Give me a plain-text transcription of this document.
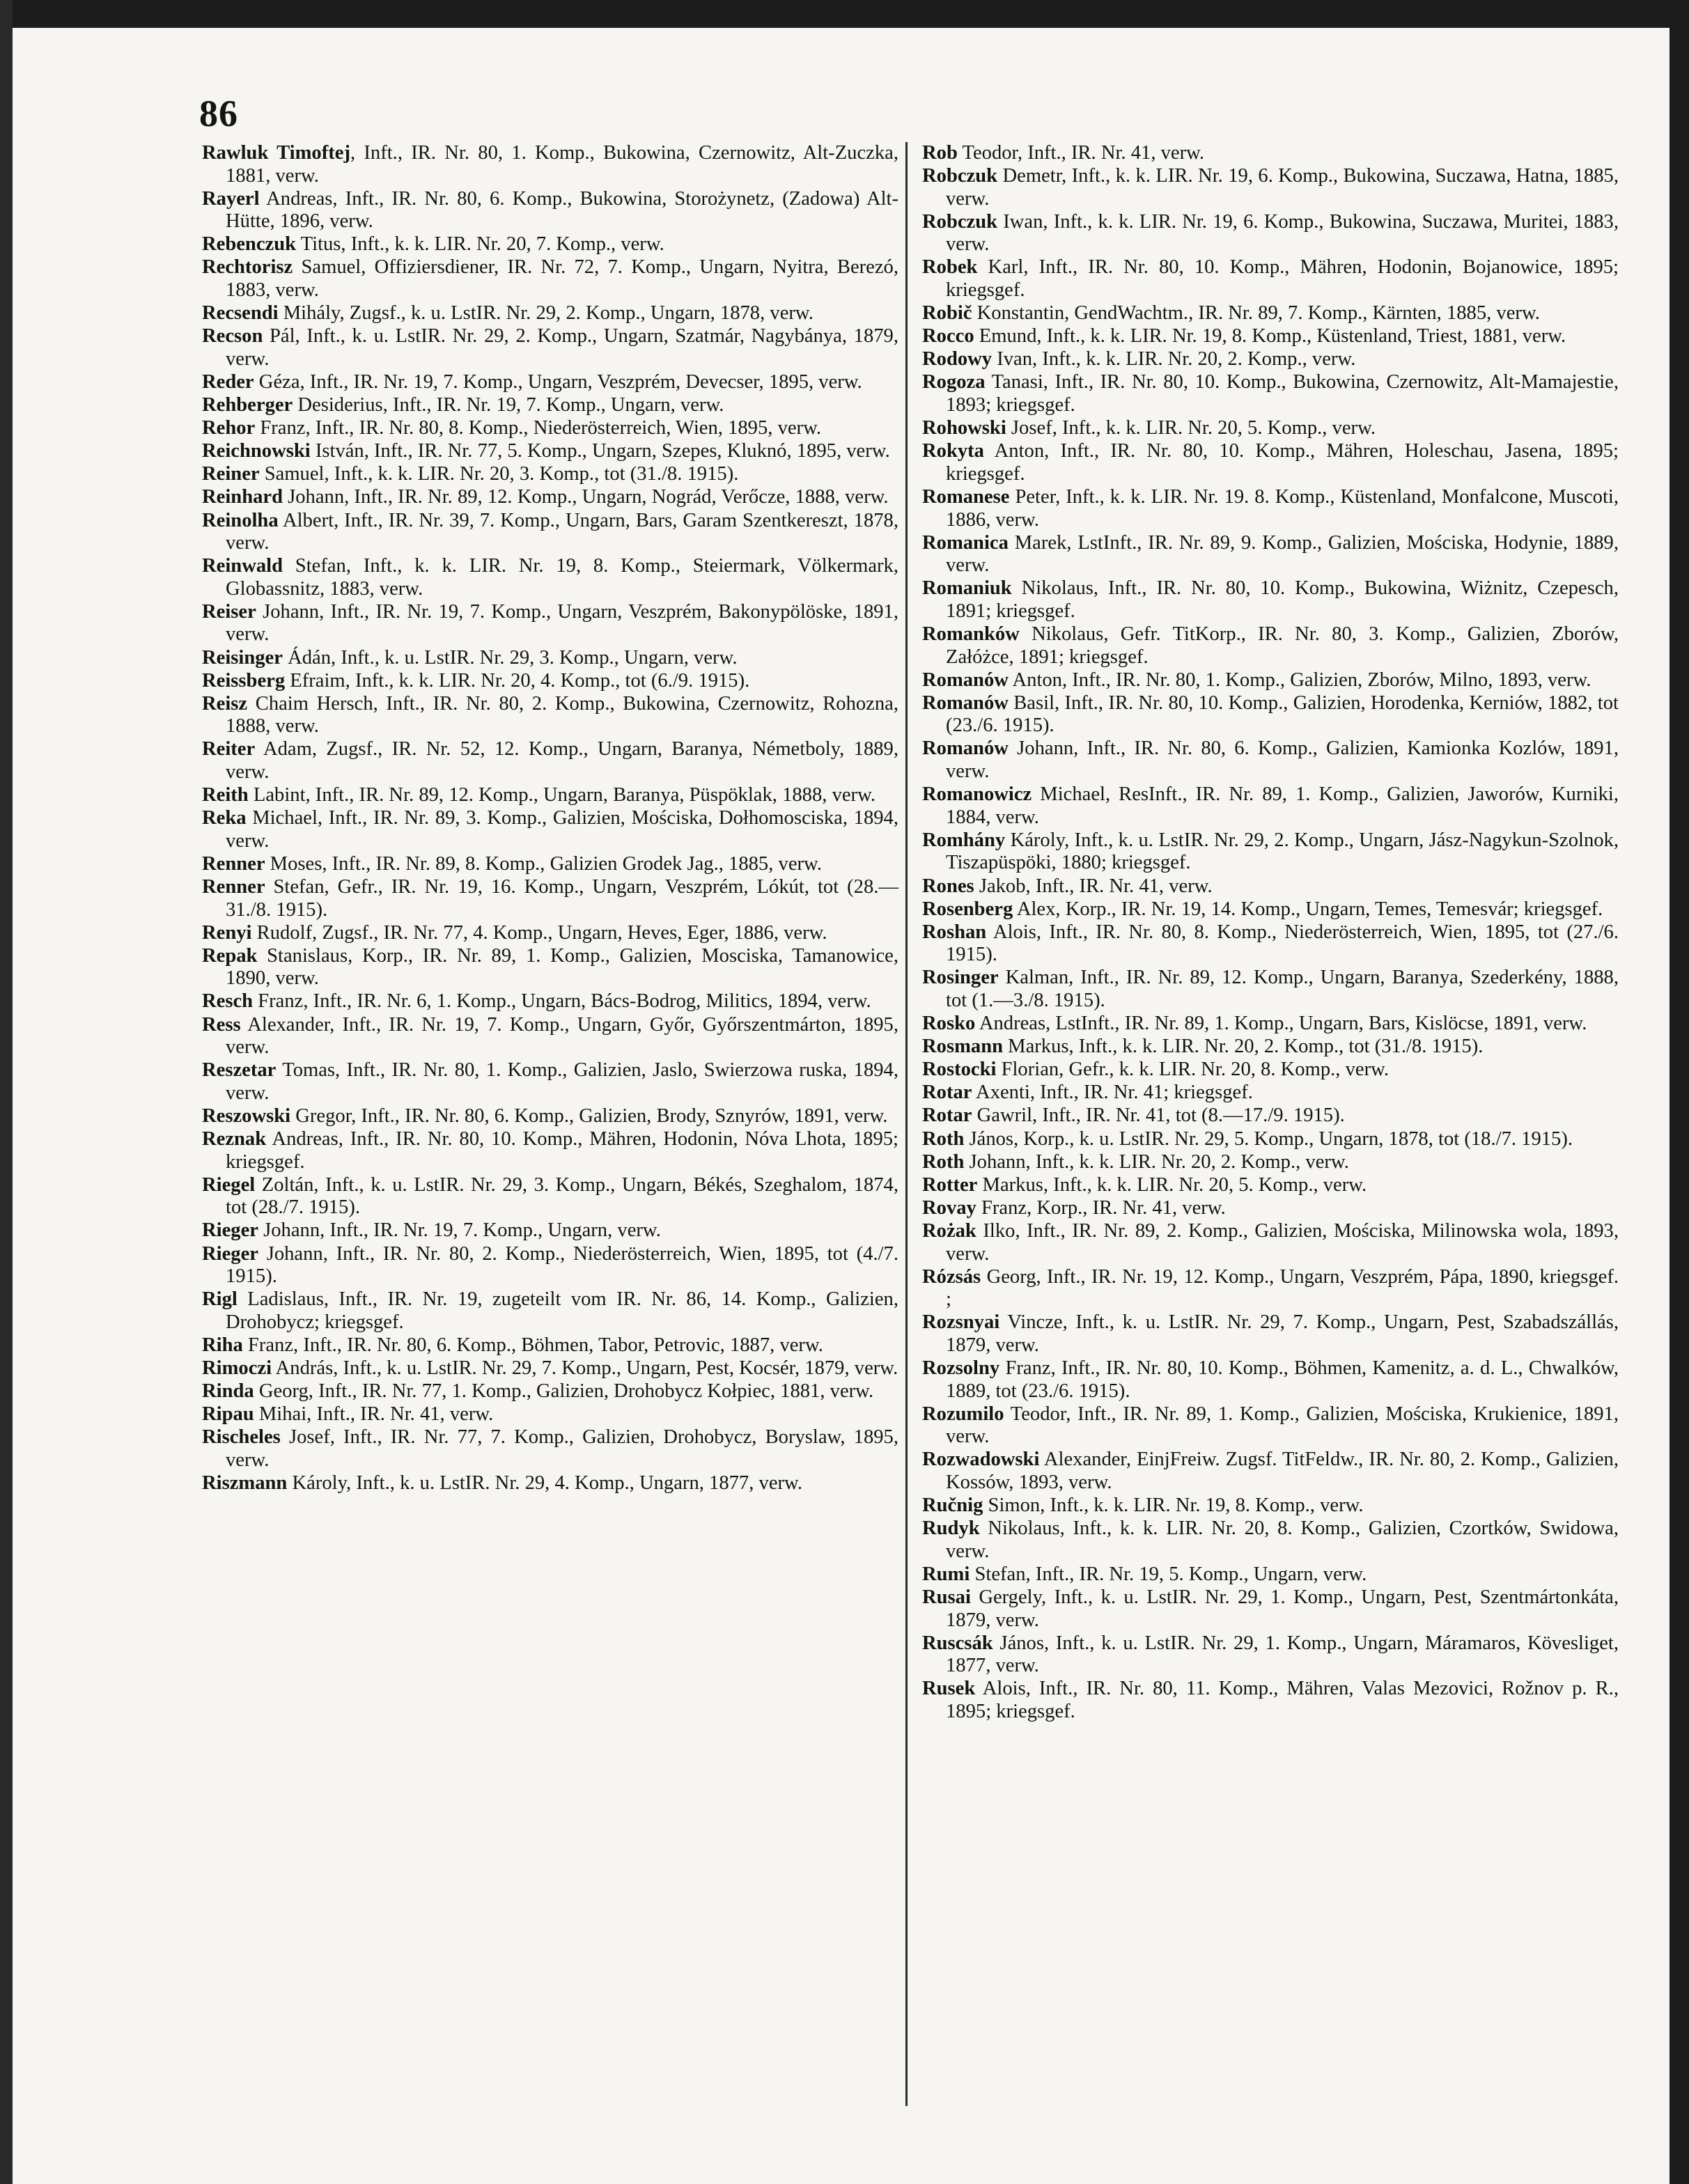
86

Rawluk Timoftej, Inft., IR. Nr. 80, 1. Komp., Bukowina, Czernowitz, Alt-Zuczka, 1881, verw.

Rayerl Andreas, Inft., IR. Nr. 80, 6. Komp., Bukowina, Storożynetz, (Zadowa) Alt-Hütte, 1896, verw.

Rebenczuk Titus, Inft., k. k. LIR. Nr. 20, 7. Komp., verw.

Rechtorisz Samuel, Offiziersdiener, IR. Nr. 72, 7. Komp., Ungarn, Nyitra, Berezó, 1883, verw.

Recsendi Mihály, Zugsf., k. u. LstIR. Nr. 29, 2. Komp., Ungarn, 1878, verw.

Recson Pál, Inft., k. u. LstIR. Nr. 29, 2. Komp., Ungarn, Szatmár, Nagybánya, 1879, verw.

Reder Géza, Inft., IR. Nr. 19, 7. Komp., Ungarn, Veszprém, Devecser, 1895, verw.

Rehberger Desiderius, Inft., IR. Nr. 19, 7. Komp., Ungarn, verw.

Rehor Franz, Inft., IR. Nr. 80, 8. Komp., Niederösterreich, Wien, 1895, verw.

Reichnowski István, Inft., IR. Nr. 77, 5. Komp., Ungarn, Szepes, Kluknó, 1895, verw.

Reiner Samuel, Inft., k. k. LIR. Nr. 20, 3. Komp., tot (31./8. 1915).

Reinhard Johann, Inft., IR. Nr. 89, 12. Komp., Ungarn, Nográd, Verőcze, 1888, verw.

Reinolha Albert, Inft., IR. Nr. 39, 7. Komp., Ungarn, Bars, Garam Szentkereszt, 1878, verw.

Reinwald Stefan, Inft., k. k. LIR. Nr. 19, 8. Komp., Steiermark, Völkermark, Globassnitz, 1883, verw.

Reiser Johann, Inft., IR. Nr. 19, 7. Komp., Ungarn, Veszprém, Bakonypölöske, 1891, verw.

Reisinger Ádán, Inft., k. u. LstIR. Nr. 29, 3. Komp., Ungarn, verw.

Reissberg Efraim, Inft., k. k. LIR. Nr. 20, 4. Komp., tot (6./9. 1915).

Reisz Chaim Hersch, Inft., IR. Nr. 80, 2. Komp., Bukowina, Czernowitz, Rohozna, 1888, verw.

Reiter Adam, Zugsf., IR. Nr. 52, 12. Komp., Ungarn, Baranya, Németboly, 1889, verw.

Reith Labint, Inft., IR. Nr. 89, 12. Komp., Ungarn, Baranya, Püspöklak, 1888, verw.

Reka Michael, Inft., IR. Nr. 89, 3. Komp., Galizien, Mościska, Dołhomosciska, 1894, verw.

Renner Moses, Inft., IR. Nr. 89, 8. Komp., Galizien Grodek Jag., 1885, verw.

Renner Stefan, Gefr., IR. Nr. 19, 16. Komp., Ungarn, Veszprém, Lókút, tot (28.—31./8. 1915).

Renyi Rudolf, Zugsf., IR. Nr. 77, 4. Komp., Ungarn, Heves, Eger, 1886, verw.

Repak Stanislaus, Korp., IR. Nr. 89, 1. Komp., Galizien, Mosciska, Tamanowice, 1890, verw.

Resch Franz, Inft., IR. Nr. 6, 1. Komp., Ungarn, Bács-Bodrog, Militics, 1894, verw.

Ress Alexander, Inft., IR. Nr. 19, 7. Komp., Ungarn, Győr, Győrszentmárton, 1895, verw.

Reszetar Tomas, Inft., IR. Nr. 80, 1. Komp., Galizien, Jaslo, Swierzowa ruska, 1894, verw.

Reszowski Gregor, Inft., IR. Nr. 80, 6. Komp., Galizien, Brody, Sznyrów, 1891, verw.

Reznak Andreas, Inft., IR. Nr. 80, 10. Komp., Mähren, Hodonin, Nóva Lhota, 1895; kriegsgef.

Riegel Zoltán, Inft., k. u. LstIR. Nr. 29, 3. Komp., Ungarn, Békés, Szeghalom, 1874, tot (28./7. 1915).

Rieger Johann, Inft., IR. Nr. 19, 7. Komp., Ungarn, verw.

Rieger Johann, Inft., IR. Nr. 80, 2. Komp., Niederösterreich, Wien, 1895, tot (4./7. 1915).

Rigl Ladislaus, Inft., IR. Nr. 19, zugeteilt vom IR. Nr. 86, 14. Komp., Galizien, Drohobycz; kriegsgef.

Riha Franz, Inft., IR. Nr. 80, 6. Komp., Böhmen, Tabor, Petrovic, 1887, verw.

Rimoczi András, Inft., k. u. LstIR. Nr. 29, 7. Komp., Ungarn, Pest, Kocsér, 1879, verw.

Rinda Georg, Inft., IR. Nr. 77, 1. Komp., Galizien, Drohobycz Kołpiec, 1881, verw.

Ripau Mihai, Inft., IR. Nr. 41, verw.

Rischeles Josef, Inft., IR. Nr. 77, 7. Komp., Galizien, Drohobycz, Boryslaw, 1895, verw.

Riszmann Károly, Inft., k. u. LstIR. Nr. 29, 4. Komp., Ungarn, 1877, verw.

Rob Teodor, Inft., IR. Nr. 41, verw.

Robczuk Demetr, Inft., k. k. LIR. Nr. 19, 6. Komp., Bukowina, Suczawa, Hatna, 1885, verw.

Robczuk Iwan, Inft., k. k. LIR. Nr. 19, 6. Komp., Bukowina, Suczawa, Muritei, 1883, verw.

Robek Karl, Inft., IR. Nr. 80, 10. Komp., Mähren, Hodonin, Bojanowice, 1895; kriegsgef.

Robič Konstantin, GendWachtm., IR. Nr. 89, 7. Komp., Kärnten, 1885, verw.

Rocco Emund, Inft., k. k. LIR. Nr. 19, 8. Komp., Küstenland, Triest, 1881, verw.

Rodowy Ivan, Inft., k. k. LIR. Nr. 20, 2. Komp., verw.

Rogoza Tanasi, Inft., IR. Nr. 80, 10. Komp., Bukowina, Czernowitz, Alt-Mamajestie, 1893; kriegsgef.

Rohowski Josef, Inft., k. k. LIR. Nr. 20, 5. Komp., verw.

Rokyta Anton, Inft., IR. Nr. 80, 10. Komp., Mähren, Holeschau, Jasena, 1895; kriegsgef.

Romanese Peter, Inft., k. k. LIR. Nr. 19. 8. Komp., Küstenland, Monfalcone, Muscoti, 1886, verw.

Romanica Marek, LstInft., IR. Nr. 89, 9. Komp., Galizien, Mościska, Hodynie, 1889, verw.

Romaniuk Nikolaus, Inft., IR. Nr. 80, 10. Komp., Bukowina, Wiżnitz, Czepesch, 1891; kriegsgef.

Romanków Nikolaus, Gefr. TitKorp., IR. Nr. 80, 3. Komp., Galizien, Zborów, Załóżce, 1891; kriegsgef.

Romanów Anton, Inft., IR. Nr. 80, 1. Komp., Galizien, Zborów, Milno, 1893, verw.

Romanów Basil, Inft., IR. Nr. 80, 10. Komp., Galizien, Horodenka, Kerniów, 1882, tot (23./6. 1915).

Romanów Johann, Inft., IR. Nr. 80, 6. Komp., Galizien, Kamionka Kozlów, 1891, verw.

Romanowicz Michael, ResInft., IR. Nr. 89, 1. Komp., Galizien, Jaworów, Kurniki, 1884, verw.

Romhány Károly, Inft., k. u. LstIR. Nr. 29, 2. Komp., Ungarn, Jász-Nagykun-Szolnok, Tiszapüspöki, 1880; kriegsgef.

Rones Jakob, Inft., IR. Nr. 41, verw.

Rosenberg Alex, Korp., IR. Nr. 19, 14. Komp., Ungarn, Temes, Temesvár; kriegsgef.

Roshan Alois, Inft., IR. Nr. 80, 8. Komp., Niederösterreich, Wien, 1895, tot (27./6. 1915).

Rosinger Kalman, Inft., IR. Nr. 89, 12. Komp., Ungarn, Baranya, Szederkény, 1888, tot (1.—3./8. 1915).

Rosko Andreas, LstInft., IR. Nr. 89, 1. Komp., Ungarn, Bars, Kislöcse, 1891, verw.

Rosmann Markus, Inft., k. k. LIR. Nr. 20, 2. Komp., tot (31./8. 1915).

Rostocki Florian, Gefr., k. k. LIR. Nr. 20, 8. Komp., verw.

Rotar Axenti, Inft., IR. Nr. 41; kriegsgef.

Rotar Gawril, Inft., IR. Nr. 41, tot (8.—17./9. 1915).

Roth János, Korp., k. u. LstIR. Nr. 29, 5. Komp., Ungarn, 1878, tot (18./7. 1915).

Roth Johann, Inft., k. k. LIR. Nr. 20, 2. Komp., verw.

Rotter Markus, Inft., k. k. LIR. Nr. 20, 5. Komp., verw.

Rovay Franz, Korp., IR. Nr. 41, verw.

Rożak Ilko, Inft., IR. Nr. 89, 2. Komp., Galizien, Mościska, Milinowska wola, 1893, verw.

Rózsás Georg, Inft., IR. Nr. 19, 12. Komp., Ungarn, Veszprém, Pápa, 1890, kriegsgef. ;

Rozsnyai Vincze, Inft., k. u. LstIR. Nr. 29, 7. Komp., Ungarn, Pest, Szabadszállás, 1879, verw.

Rozsolny Franz, Inft., IR. Nr. 80, 10. Komp., Böhmen, Kamenitz, a. d. L., Chwalków, 1889, tot (23./6. 1915).

Rozumilo Teodor, Inft., IR. Nr. 89, 1. Komp., Galizien, Mościska, Krukienice, 1891, verw.

Rozwadowski Alexander, EinjFreiw. Zugsf. TitFeldw., IR. Nr. 80, 2. Komp., Galizien, Kossów, 1893, verw.

Ručnig Simon, Inft., k. k. LIR. Nr. 19, 8. Komp., verw.

Rudyk Nikolaus, Inft., k. k. LIR. Nr. 20, 8. Komp., Galizien, Czortków, Swidowa, verw.

Rumi Stefan, Inft., IR. Nr. 19, 5. Komp., Ungarn, verw.

Rusai Gergely, Inft., k. u. LstIR. Nr. 29, 1. Komp., Ungarn, Pest, Szentmártonkáta, 1879, verw.

Ruscsák János, Inft., k. u. LstIR. Nr. 29, 1. Komp., Ungarn, Máramaros, Kövesliget, 1877, verw.

Rusek Alois, Inft., IR. Nr. 80, 11. Komp., Mähren, Valas Mezovici, Rožnov p. R., 1895; kriegsgef.
